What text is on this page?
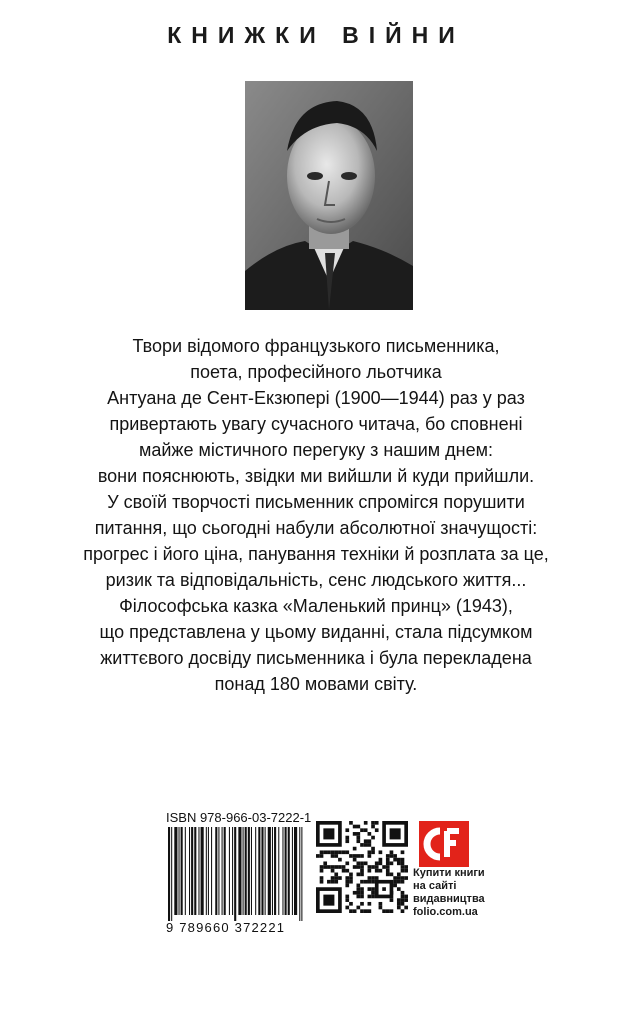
КНИЖКИ ВІЙНИ

Твори відомого французького письменника,

поета, професійного льотчика

Антуана де Сент-Екзюпері (1900—1944) раз у раз

привертають увагу сучасного читача, бо сповнені

майже містичного перегуку з нашим днем:

вони пояснюють, звідки ми вийшли й куди прийшли.

У своїй творчості письменник спромігся порушити

питання, що сьогодні набули абсолютної значущості:

прогрес і його ціна, панування техніки й розплата за це,

ризик та відповідальність, сенс людського життя...

Філософська казка «Маленький принц» (1943),

що представлена у цьому виданні, стала підсумком

життєвого досвіду письменника і була перекладена

понад 180 мовами світу.

ISBN 978-966-03-7222-1
9 789660 372221
Купити книги
на сайті
видавництва
folio.com.ua
